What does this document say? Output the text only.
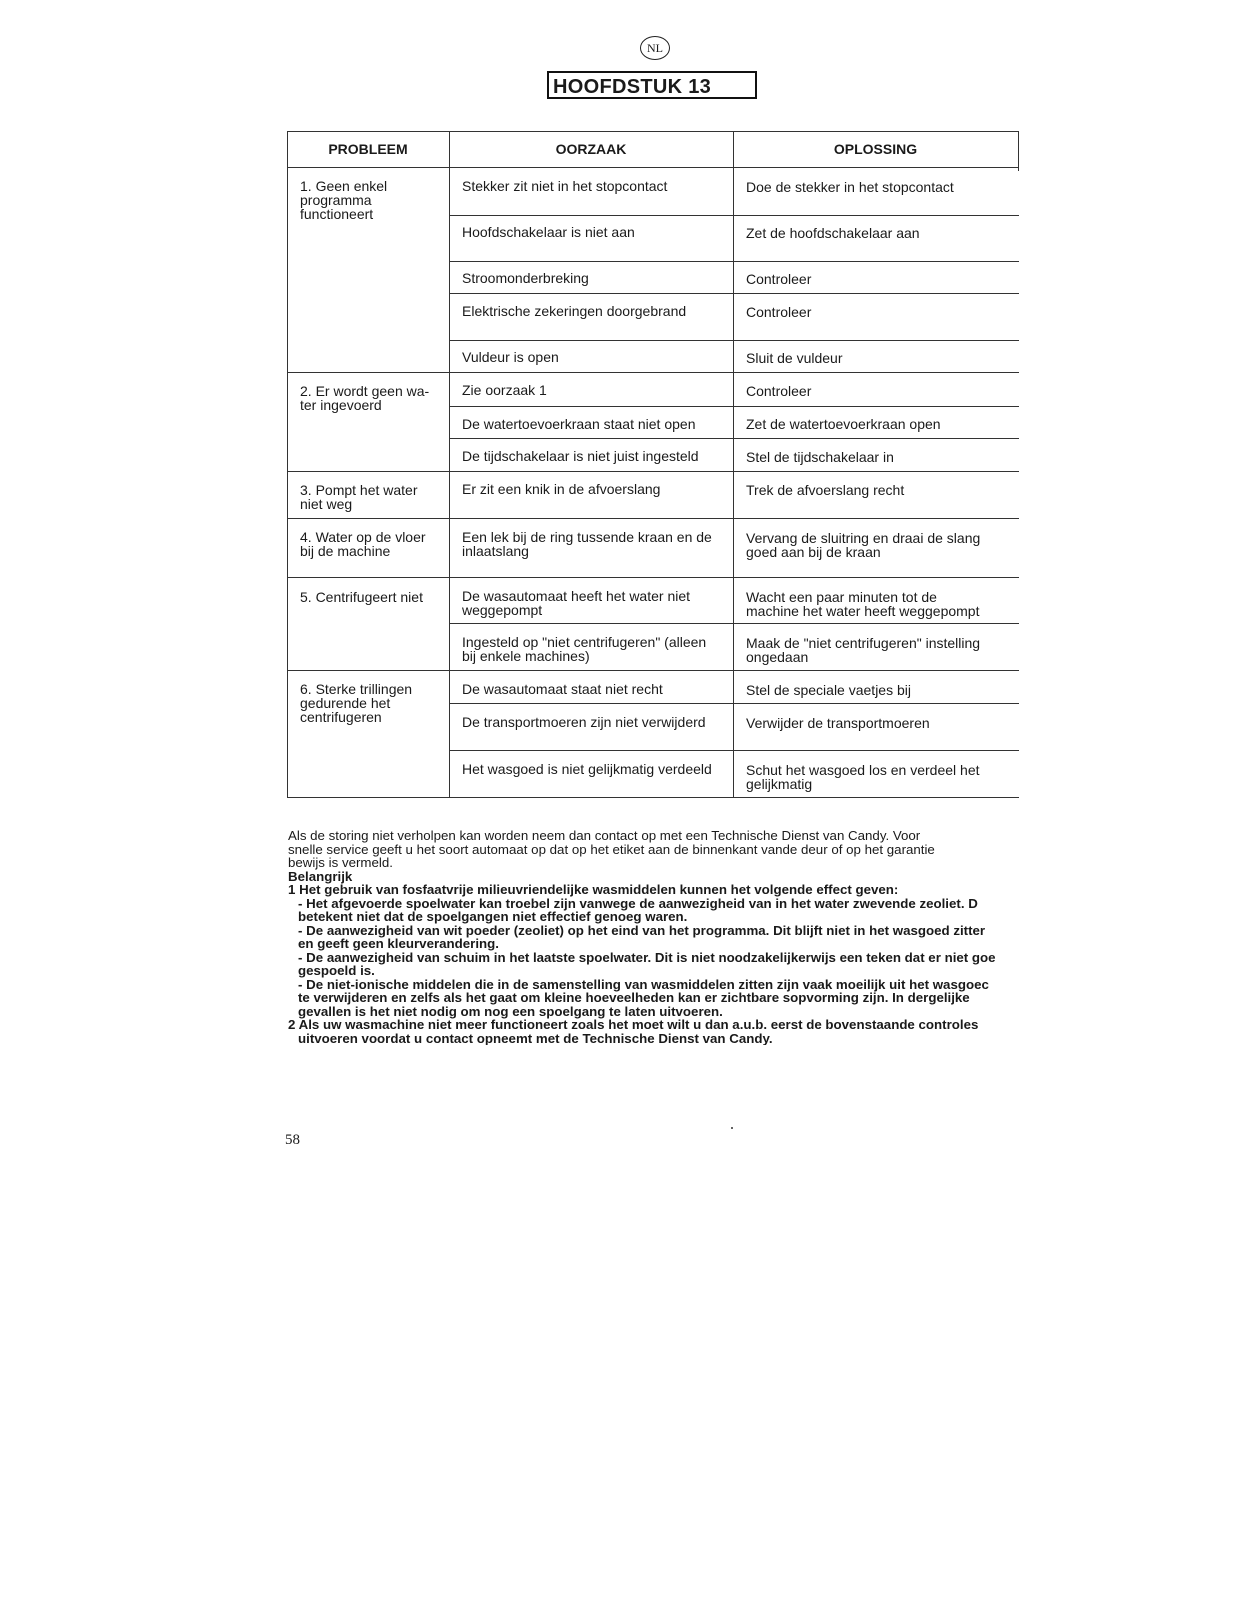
NL
HOOFDSTUK 13
PROBLEEM	OORZAAK	OPLOSSING
1. Geen enkel
programma
functioneert
2. Er wordt geen wa-
ter ingevoerd
3. Pompt het water
niet weg
4. Water op de vloer
bij de machine
5. Centrifugeert niet
6. Sterke trillingen
gedurende het
centrifugeren
Stekker zit niet in het stopcontact
Hoofdschakelaar is niet aan
Stroomonderbreking
Elektrische zekeringen doorgebrand
Vuldeur is open
Zie oorzaak 1
De watertoevoerkraan staat niet open
De tijdschakelaar is niet juist ingesteld
Er zit een knik in de afvoerslang
Een lek bij de ring tussende kraan en de
inlaatslang
De wasautomaat heeft het water niet
weggepompt
Ingesteld op "niet centrifugeren" (alleen
bij enkele machines)
De wasautomaat staat niet recht
De transportmoeren zijn niet verwijderd
Het wasgoed is niet gelijkmatig verdeeld
Doe de stekker in het stopcontact
Zet de hoofdschakelaar aan
Controleer
Controleer
Sluit de vuldeur
Controleer
Zet de watertoevoerkraan open
Stel de tijdschakelaar in
Trek de afvoerslang recht
Vervang de sluitring en draai de slang
goed aan bij de kraan
Wacht een paar minuten tot de
machine het water heeft weggepompt
Maak de "niet centrifugeren" instelling
ongedaan
Stel de speciale vaetjes bij
Verwijder de transportmoeren
Schut het wasgoed los en verdeel het
gelijkmatig

Als de storing niet verholpen kan worden neem dan contact op met een Technische Dienst van Candy. Voor

snelle service geeft u het soort automaat op dat op het etiket aan de binnenkant vande deur of op het garantie

bewijs is vermeld.

Belangrijk

1 Het gebruik van fosfaatvrije milieuvriendelijke wasmiddelen kunnen het volgende effect geven:

- Het afgevoerde spoelwater kan troebel zijn vanwege de aanwezigheid van in het water zwevende zeoliet. D

betekent niet dat de spoelgangen niet effectief genoeg waren.

- De aanwezigheid van wit poeder (zeoliet) op het eind van het programma. Dit blijft niet in het wasgoed zitter

en geeft geen kleurverandering.

- De aanwezigheid van schuim in het laatste spoelwater. Dit is niet noodzakelijkerwijs een teken dat er niet goe

gespoeld is.

- De niet-ionische middelen die in de samenstelling van wasmiddelen zitten zijn vaak moeilijk uit het wasgoec

te verwijderen en zelfs als het gaat om kleine hoeveelheden kan er zichtbare sopvorming zijn. In dergelijke

gevallen is het niet nodig om nog een spoelgang te laten uitvoeren.

2 Als uw wasmachine niet meer functioneert zoals het moet wilt u dan a.u.b. eerst de bovenstaande controles

uitvoeren voordat u contact opneemt met de Technische Dienst van Candy.

58
